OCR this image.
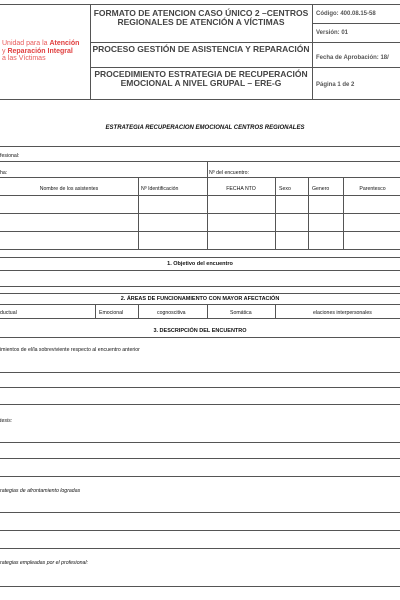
Unidad para la Atención
y Reparación Integral
a las Víctimas
FORMATO DE ATENCION CASO ÚNICO 2 –CENTROS REGIONALES DE ATENCIÓN A VÍCTIMAS
PROCESO GESTIÓN DE ASISTENCIA Y REPARACIÓN
PROCEDIMIENTO ESTRATEGIA DE RECUPERACIÓN EMOCIONAL A NIVEL GRUPAL – ERE-G
Código: 400.08.15-58
Versión: 01
Fecha de Aprobación: 18/
Página 1 de 2
ESTRATEGIA RECUPERACION EMOCIONAL CENTROS REGIONALES
fesional:
ha:	Nº del encuentro:
Nombre de los asistentes	Nº Identificación	FECHA NTO	Sexo	Genero	Parentesco
1. Objetivo del encuentro
2. ÁREAS DE FUNCIONAMIENTO CON MAYOR AFECTACIÓN
ductual	Emocional	cognoscitiva	Somática	elaciones interpersonales
3. DESCRIPCIÓN DEL ENCUENTRO
imientos de el/la sobreviviente respecto al encuentro anterior
tesis:
rategias de afrontamiento logradas
rategias empleadas por el profesional:
